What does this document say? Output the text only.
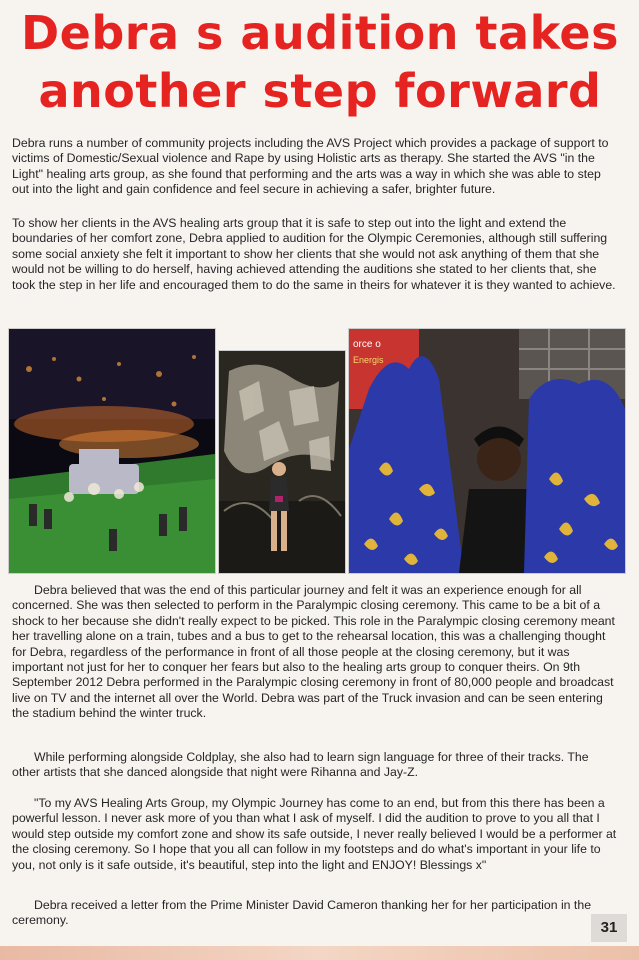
Debra s audition takes
another step forward

Debra runs a number of community projects including the AVS Project which provides a package of support to victims of Domestic/Sexual violence and Rape by using Holistic arts as therapy. She started the AVS "in the Light" healing arts group, as she found that performing and the arts was a way in which she was able to step out into the light and gain confidence and feel secure in achieving a safer, brighter future.

To show her clients in the AVS healing arts group that it is safe to step out into the light and extend the boundaries of her comfort zone, Debra applied to audition for the Olympic Ceremonies, although still suffering some social anxiety she felt it important to show her clients that she would not ask anything of them that she would not be willing to do herself, having achieved attending the auditions she stated to her clients that, she took the step in her life and encouraged them to do the same in theirs for whatever it is they wanted to achieve.

orce o
Energis

Debra believed that was the end of this particular journey and felt it was an experience enough for all concerned. She was then selected to perform in the Paralympic closing ceremony. This came to be a bit of a shock to her because she didn't really expect to be picked. This role in the Paralympic closing ceremony meant her travelling alone on a train, tubes and a bus to get to the rehearsal location, this was a challenging thought for Debra, regardless of the performance in front of all those people at the closing ceremony, but it was important not just for her to conquer her fears but also to the healing arts group to conquer theirs. On 9th September 2012 Debra performed in the Paralympic closing ceremony in front of 80,000 people and broadcast live on TV and the internet all over the World. Debra was part of the Truck invasion and can be seen entering the stadium behind the winter truck.

While performing alongside Coldplay, she also had to learn sign language for three of their tracks. The other artists that she danced alongside that night were Rihanna and Jay-Z.

"To my AVS Healing Arts Group, my Olympic Journey has come to an end, but from this there has been a powerful lesson. I never ask more of you than what I ask of myself. I did the audition to prove to you all that I would step outside my comfort zone and show its safe outside, I never really believed I would be a performer at the closing ceremony. So I hope that you all can follow in my footsteps and do what's important in your life to you, not only is it safe outside, it's beautiful, step into the light and ENJOY! Blessings x"

Debra received a letter from the Prime Minister David Cameron thanking her for her participation in the ceremony.	31
